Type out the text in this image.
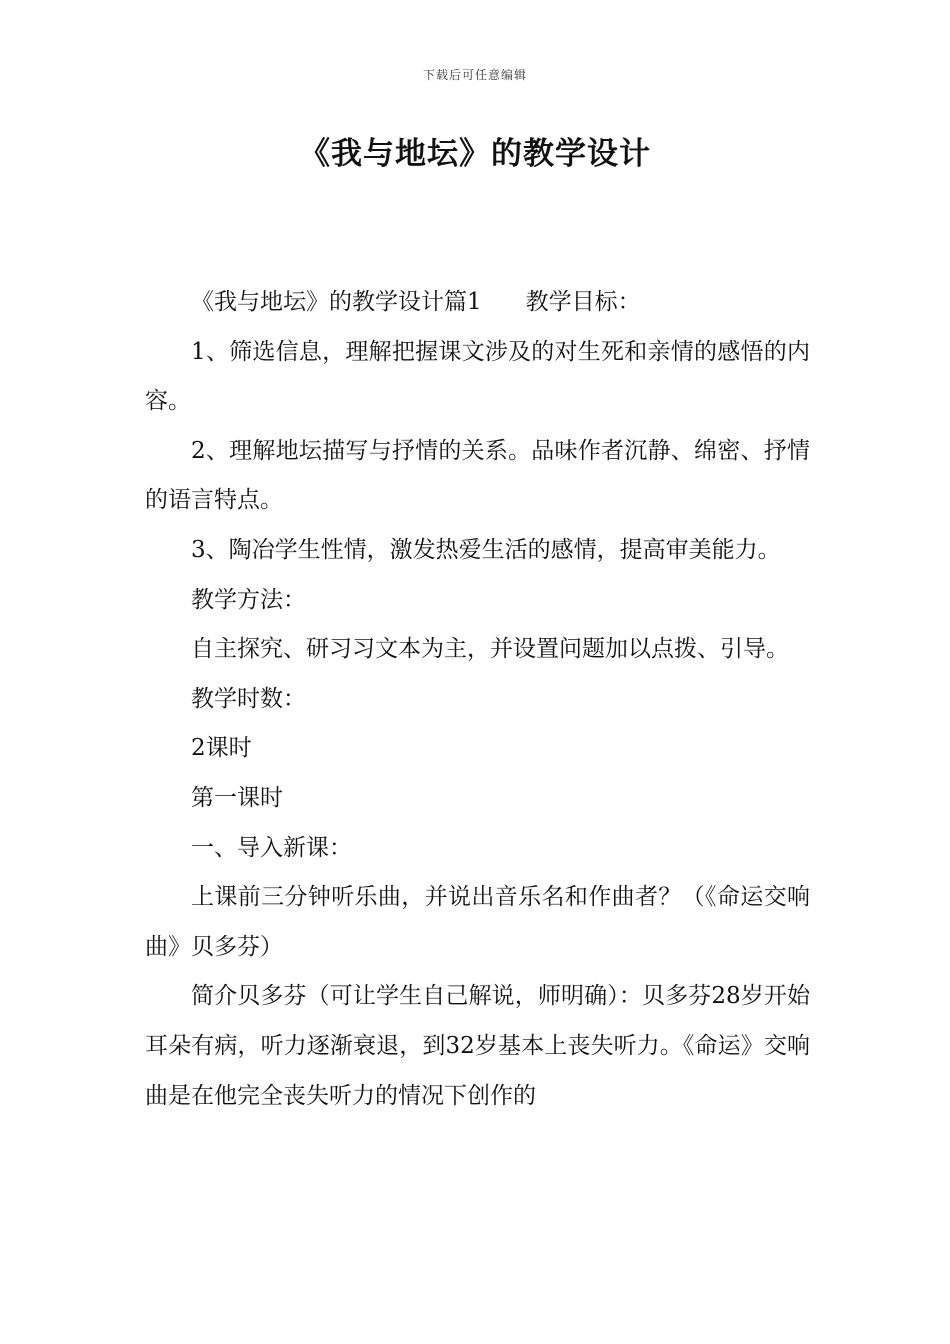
下载后可任意编辑
《我与地坛》的教学设计

《我与地坛》的教学设计篇1 教学目标：

1、筛选信息，理解把握课文涉及的对生死和亲情的感悟的内容。

2、理解地坛描写与抒情的关系。品味作者沉静、绵密、抒情的语言特点。

3、陶冶学生性情，激发热爱生活的感情，提高审美能力。

教学方法：

自主探究、研习习文本为主，并设置问题加以点拨、引导。

教学时数：

2课时

第一课时

一、导入新课：

上课前三分钟听乐曲，并说出音乐名和作曲者？（《命运交响曲》贝多芬）

简介贝多芬（可让学生自己解说，师明确）：贝多芬28岁开始耳朵有病，听力逐渐衰退，到32岁基本上丧失听力。《命运》交响曲是在他完全丧失听力的情况下创作的
